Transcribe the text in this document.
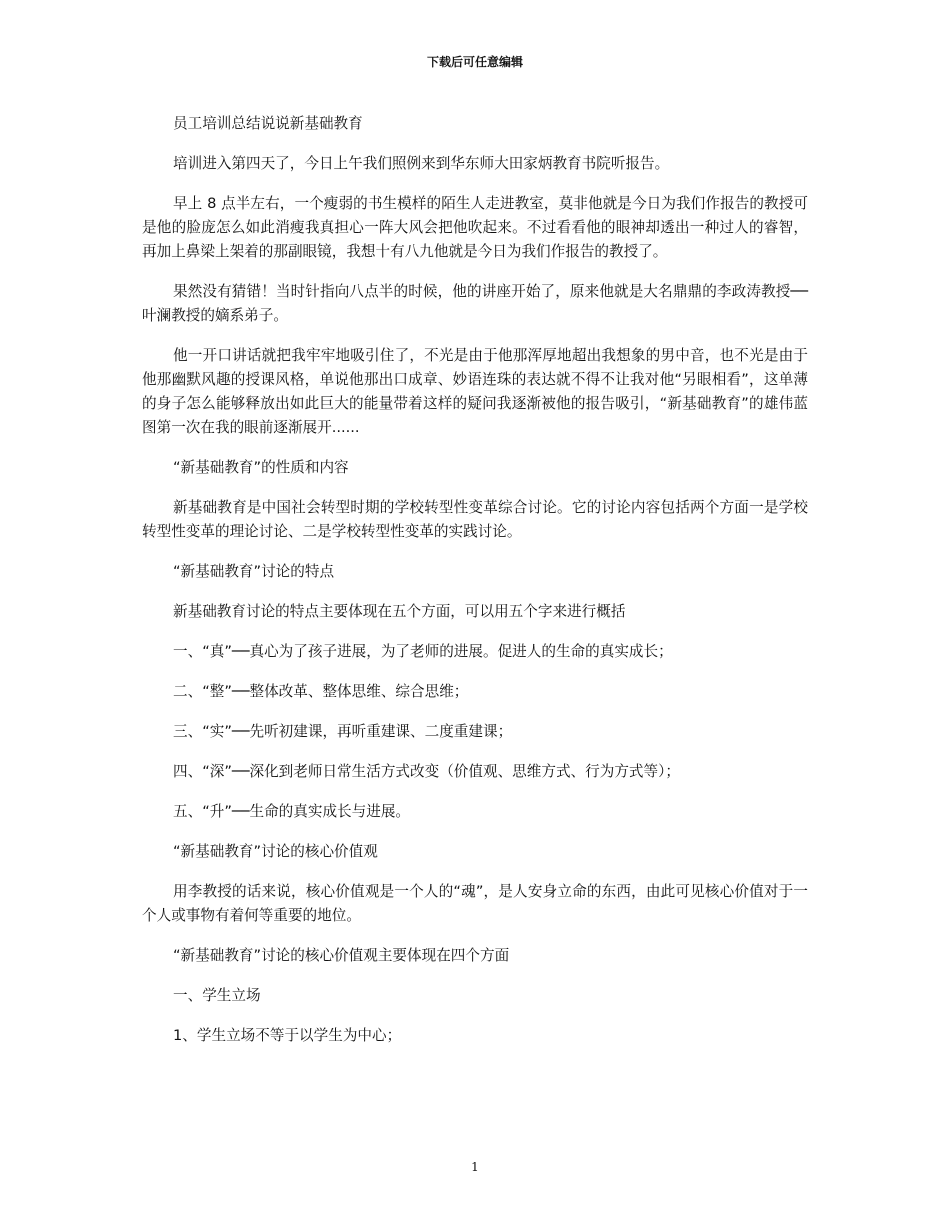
下载后可任意编辑

员工培训总结说说新基础教育

培训进入第四天了，今日上午我们照例来到华东师大田家炳教育书院听报告。

早上 8 点半左右，一个瘦弱的书生模样的陌生人走进教室，莫非他就是今日为我们作报告的教授可是他的脸庞怎么如此消瘦我真担心一阵大风会把他吹起来。不过看看他的眼神却透出一种过人的睿智，再加上鼻梁上架着的那副眼镜，我想十有八九他就是今日为我们作报告的教授了。

果然没有猜错！当时针指向八点半的时候，他的讲座开始了，原来他就是大名鼎鼎的李政涛教授──叶澜教授的嫡系弟子。

他一开口讲话就把我牢牢地吸引住了，不光是由于他那浑厚地超出我想象的男中音，也不光是由于他那幽默风趣的授课风格，单说他那出口成章、妙语连珠的表达就不得不让我对他“另眼相看”，这单薄的身子怎么能够释放出如此巨大的能量带着这样的疑问我逐渐被他的报告吸引，“新基础教育”的雄伟蓝图第一次在我的眼前逐渐展开......

“新基础教育”的性质和内容

新基础教育是中国社会转型时期的学校转型性变革综合讨论。它的讨论内容包括两个方面一是学校转型性变革的理论讨论、二是学校转型性变革的实践讨论。

“新基础教育”讨论的特点

新基础教育讨论的特点主要体现在五个方面，可以用五个字来进行概括

一、“真”──真心为了孩子进展，为了老师的进展。促进人的生命的真实成长；

二、“整”──整体改革、整体思维、综合思维；

三、“实”──先听初建课，再听重建课、二度重建课；

四、“深”──深化到老师日常生活方式改变（价值观、思维方式、行为方式等）；

五、“升”──生命的真实成长与进展。

“新基础教育”讨论的核心价值观

用李教授的话来说，核心价值观是一个人的“魂”，是人安身立命的东西，由此可见核心价值对于一个人或事物有着何等重要的地位。

“新基础教育”讨论的核心价值观主要体现在四个方面

一、学生立场

1、学生立场不等于以学生为中心；

1
